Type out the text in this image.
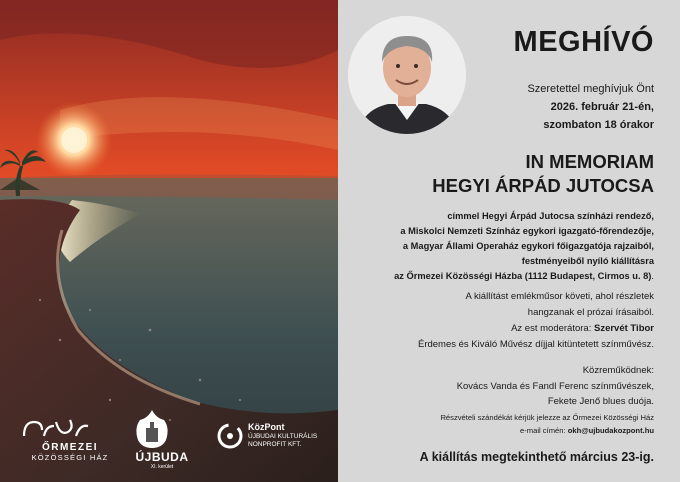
ŐRMEZEI
KÖZÖSSÉGI HÁZ	ÚJBUDA
XI. kerület
KözPont
ÚJBUDAI KULTURÁLIS NONPROFIT KFT.
MEGHÍVÓ
Szeretettel meghívjuk Önt
2026. február 21-én,
szombaton 18 órakor
IN MEMORIAM
HEGYI ÁRPÁD JUTOCSA
címmel Hegyi Árpád Jutocsa színházi rendező,
a Miskolci Nemzeti Színház egykori igazgató-főrendezője,
a Magyar Állami Operaház egykori főigazgatója rajzaiból,
festményeiből nyíló kiállításra
az Őrmezei Közösségi Házba (1112 Budapest, Cirmos u. 8).
A kiállítást emlékműsor követi, ahol részletek
hangzanak el prózai írásaiból.
Az est moderátora: Szervét Tibor
Érdemes és Kiváló Művész díjjal kitüntetett színművész.
Közreműködnek:
Kovács Vanda és Fandl Ferenc színművészek,
Fekete Jenő blues duója.
Részvételi szándékát kérjük jelezze az Őrmezei Közösségi Ház
e-mail címén: okh@ujbudakozpont.hu
A kiállítás megtekinthető március 23-ig.
